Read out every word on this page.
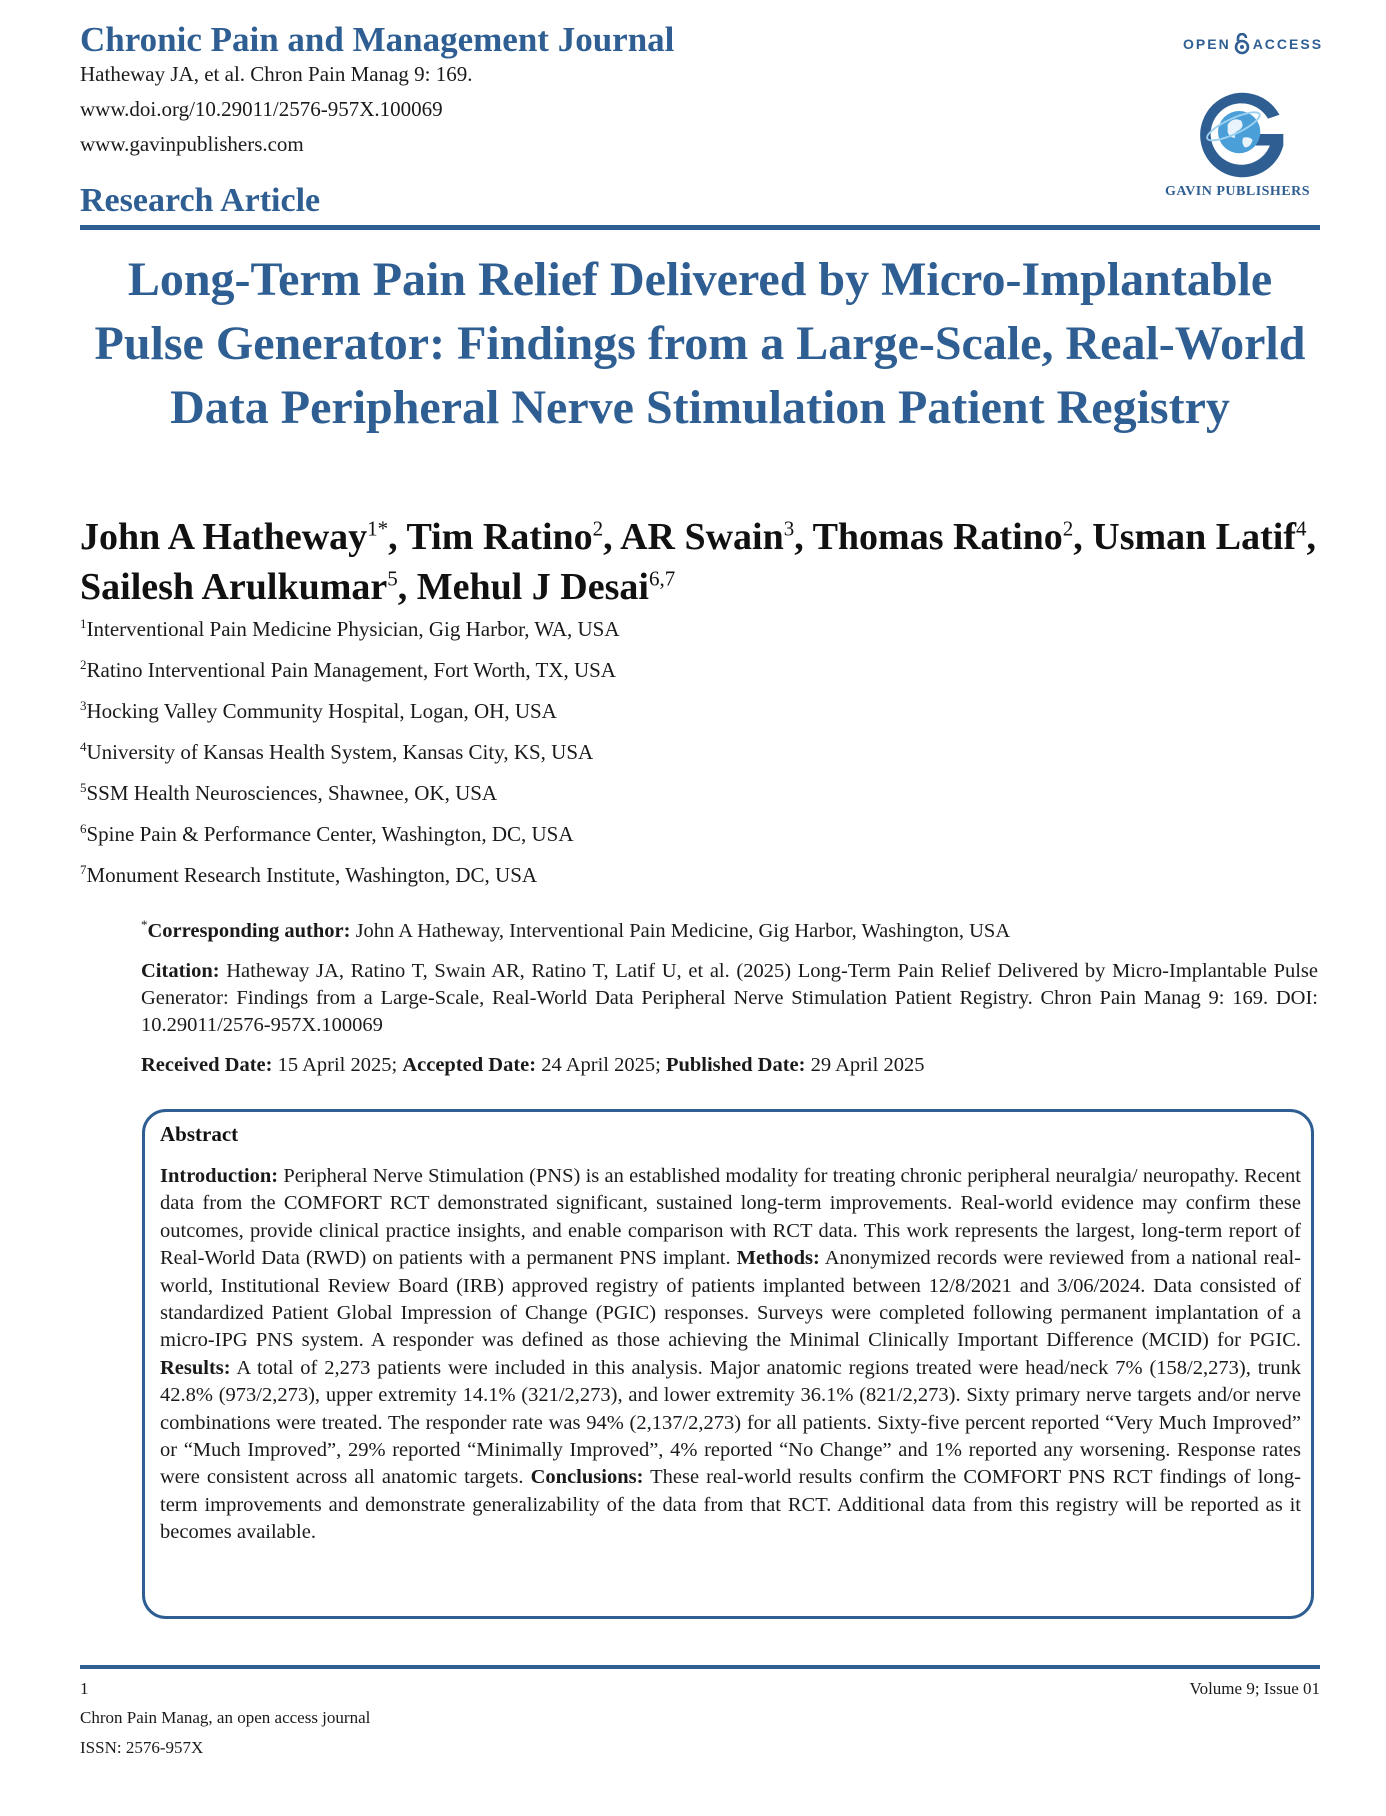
Chronic Pain and Management Journal
Hatheway JA, et al. Chron Pain Manag 9: 169.
www.doi.org/10.29011/2576-957X.100069
www.gavinpublishers.com
OPEN ACCESS
GAVIN PUBLISHERS
Research Article
Long-Term Pain Relief Delivered by Micro-Implantable Pulse Generator: Findings from a Large-Scale, Real-World Data Peripheral Nerve Stimulation Patient Registry
John A Hatheway$^{1*}$, Tim Ratino$^2$, AR Swain$^3$, Thomas Ratino$^2$, Usman Latif$^4$, Sailesh Arulkumar$^5$, Mehul J Desai$^{6,7}$
$^1$Interventional Pain Medicine Physician, Gig Harbor, WA, USA
$^2$Ratino Interventional Pain Management, Fort Worth, TX, USA
$^3$Hocking Valley Community Hospital, Logan, OH, USA
$^4$University of Kansas Health System, Kansas City, KS, USA
$^5$SSM Health Neurosciences, Shawnee, OK, USA
$^6$Spine Pain & Performance Center, Washington, DC, USA
$^7$Monument Research Institute, Washington, DC, USA
*Corresponding author: John A Hatheway, Interventional Pain Medicine, Gig Harbor, Washington, USA
Citation: Hatheway JA, Ratino T, Swain AR, Ratino T, Latif U, et al. (2025) Long-Term Pain Relief Delivered by Micro-Implantable Pulse Generator: Findings from a Large-Scale, Real-World Data Peripheral Nerve Stimulation Patient Registry. Chron Pain Manag 9: 169. DOI: 10.29011/2576-957X.100069
Received Date: 15 April 2025; Accepted Date: 24 April 2025; Published Date: 29 April 2025
Abstract
Introduction: Peripheral Nerve Stimulation (PNS) is an established modality for treating chronic peripheral neuralgia/ neuropathy. Recent data from the COMFORT RCT demonstrated significant, sustained long-term improvements. Real-world evidence may confirm these outcomes, provide clinical practice insights, and enable comparison with RCT data. This work represents the largest, long-term report of Real-World Data (RWD) on patients with a permanent PNS implant. Methods: Anonymized records were reviewed from a national real-world, Institutional Review Board (IRB) approved registry of patients implanted between 12/8/2021 and 3/06/2024. Data consisted of standardized Patient Global Impression of Change (PGIC) responses. Surveys were completed following permanent implantation of a micro-IPG PNS system. A responder was defined as those achieving the Minimal Clinically Important Difference (MCID) for PGIC. Results: A total of 2,273 patients were included in this analysis. Major anatomic regions treated were head/neck 7% (158/2,273), trunk 42.8% (973/2,273), upper extremity 14.1% (321/2,273), and lower extremity 36.1% (821/2,273). Sixty primary nerve targets and/or nerve combinations were treated. The responder rate was 94% (2,137/2,273) for all patients. Sixty-five percent reported “Very Much Improved” or “Much Improved”, 29% reported “Minimally Improved”, 4% reported “No Change” and 1% reported any worsening. Response rates were consistent across all anatomic targets. Conclusions: These real-world results confirm the COMFORT PNS RCT findings of long-term improvements and demonstrate generalizability of the data from that RCT. Additional data from this registry will be reported as it becomes available.
1
Chron Pain Manag, an open access journal
ISSN: 2576-957X
Volume 9; Issue 01
